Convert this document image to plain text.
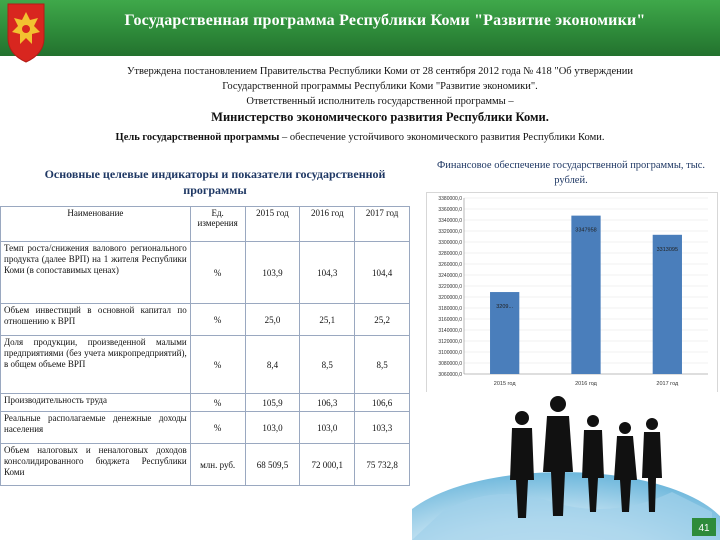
Государственная программа Республики Коми "Развитие экономики"
Утверждена постановлением Правительства Республики Коми от 28 сентября 2012 года № 418 "Об утверждении
Государственной программы Республики Коми "Развитие экономики".
Ответственный исполнитель государственной программы –
Министерство экономического развития Республики Коми.
Цель государственной программы – обеспечение устойчивого экономического развития Республики Коми.
Основные целевые индикаторы и показатели государственной программы
Финансовое обеспечение государственной программы, тыс. рублей.
Наименование	Ед. измерения	2015 год	2016 год	2017 год
Темп роста/снижения валового регионального продукта (далее ВРП) на 1 жителя Республики Коми (в сопоставимых ценах)	%	103,9	104,3	104,4
Объем инвестиций в основной капитал по отношению к ВРП	%	25,0	25,1	25,2
Доля продукции, произведенной малыми предприятиями (без учета микропредприятий), в общем объеме ВРП	%	8,4	8,5	8,5
Производительность труда	%	105,9	106,3	106,6
Реальные располагаемые денежные доходы населения	%	103,0	103,0	103,3
Объем налоговых и неналоговых доходов консолидированного бюджета Республики Коми	млн. руб.	68 509,5	72 000,1	75 732,8
3380000,0
3360000,0
3340000,0
3320000,0
3300000,0
3280000,0
3260000,0
3240000,0
3220000,0
3200000,0
3180000,0
3160000,0
3140000,0
3120000,0
3100000,0
3080000,0
3060000,0
3209...
2015 год
3347958
2016 год
3313095
2017 год
41
